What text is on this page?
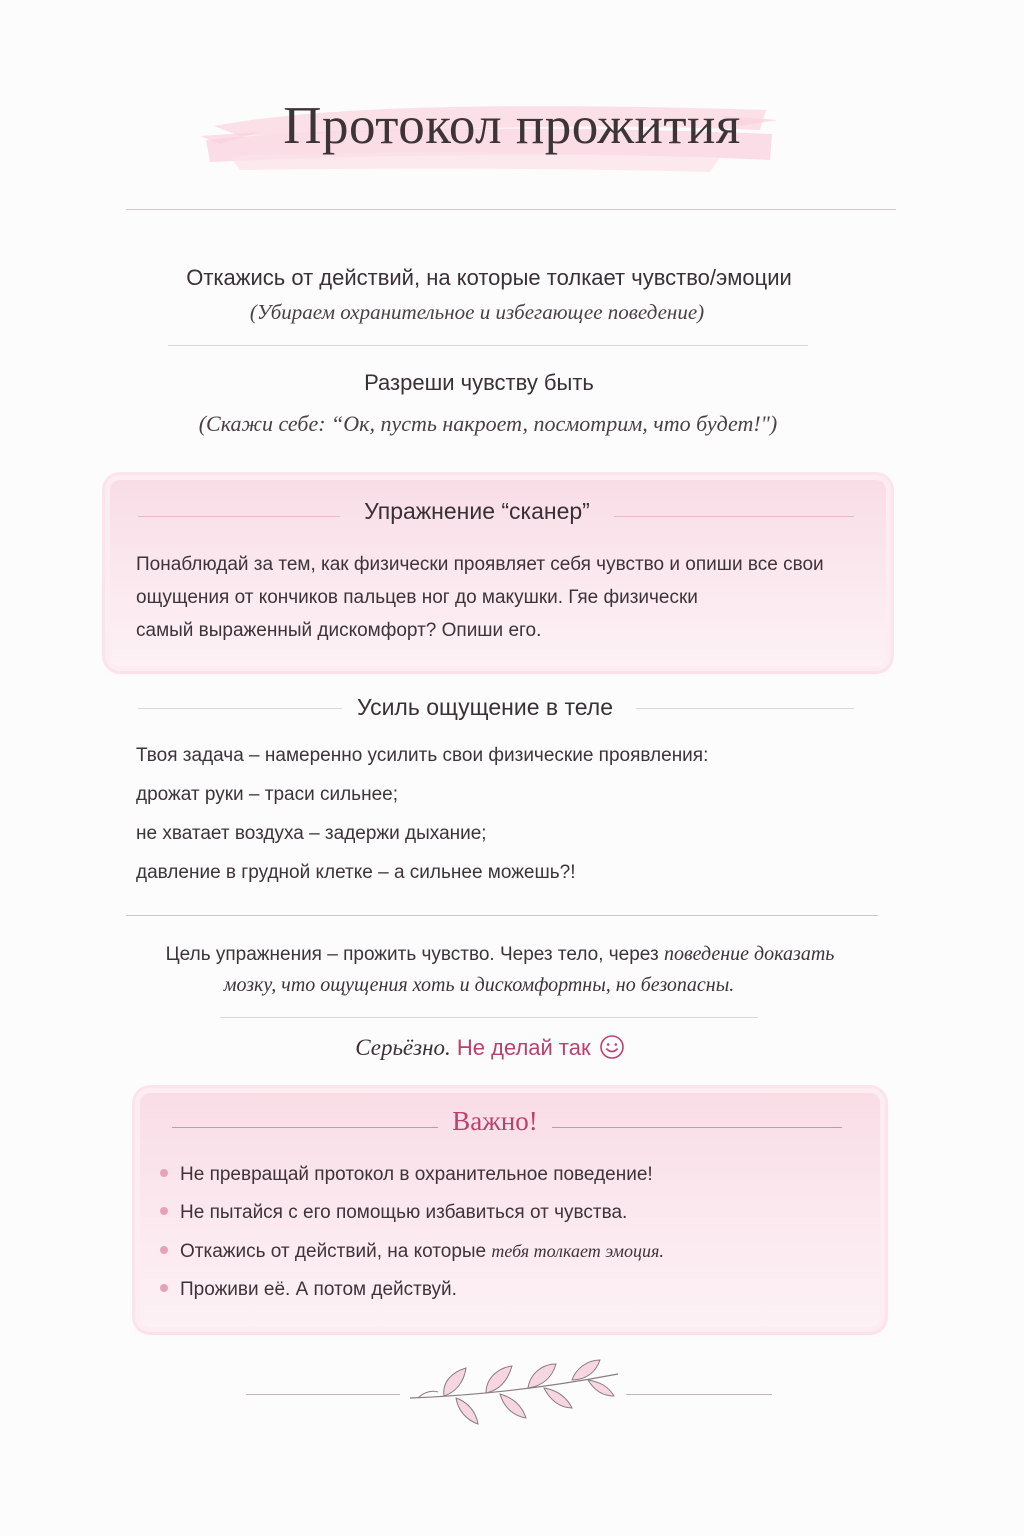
Протокол прожития
Откажись от действий, на которые толкает чувство/эмоции
(Убираем охранительное и избегающее поведение)
Разреши чувству быть
(Скажи себе: “Ок, пусть накроет, посмотрим, что будет!")
Упражнение “сканер”
Понаблюдай за тем, как физически проявляет себя чувство и опиши все свои
ощущения от кончиков пальцев ног до макушки. Гяе физически
самый выраженный дискомфорт? Опиши его.
Усиль ощущение в теле
Твоя задача – намеренно усилить свои физические проявления:
дрожат руки – траси сильнее;
не хватает воздуха – задержи дыхание;
давление в грудной клетке – а сильнее можешь?!
Цель упражнения – прожить чувство. Через тело, через поведение доказать
мозку, что ощущения хоть и дискомфортны, но безопасны.
Серьёзно. Не делай так
Важно!
Не превращай протокол в охранительное поведение!
Не пытайся с его помощью избавиться от чувства.
Откажись от действий, на которые тебя толкает эмоция.
Проживи её. А потом действуй.
